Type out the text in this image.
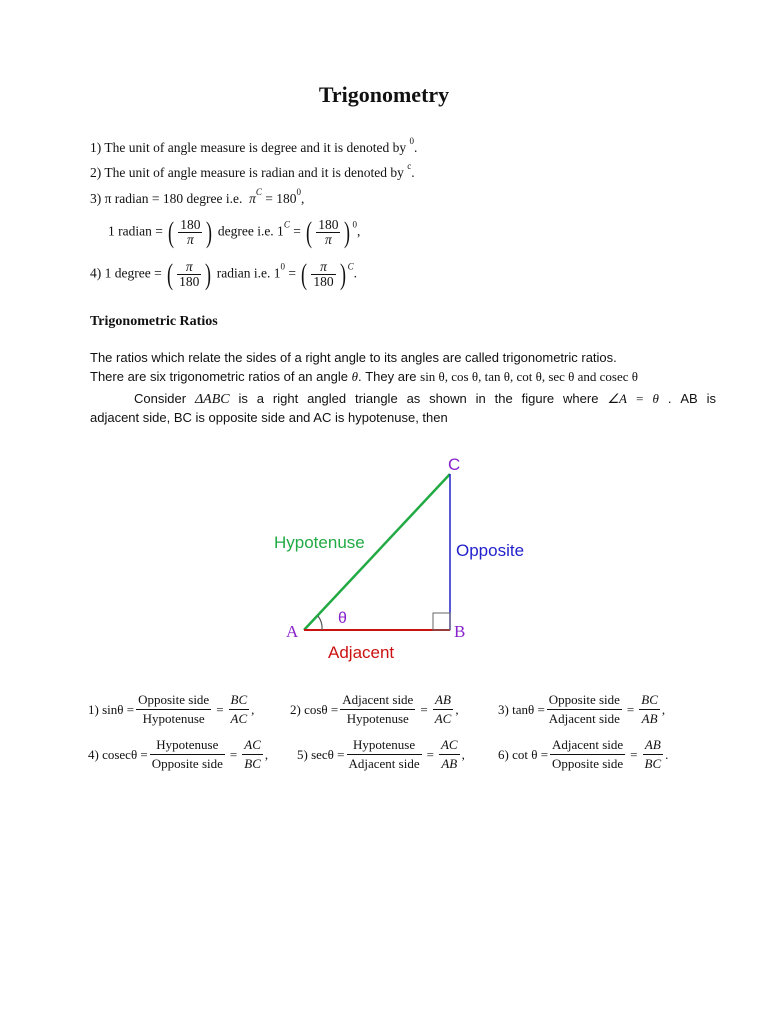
Trigonometry
1) The unit of angle measure is degree and it is denoted by $^0$.
2) The unit of angle measure is radian and it is denoted by $^c$.
3) π radian = 180 degree i.e. $\pi^C = 180^0$,
1 radian = ( $\frac{180}{\pi}$ ) degree i.e. $1^C$ = ( $\frac{180}{\pi}$ ) $^0$,
4) 1 degree = ( $\frac{\pi}{180}$ ) radian i.e. $1^0$ = ( $\frac{\pi}{180}$ ) $^C$.
Trigonometric Ratios
The ratios which relate the sides of a right angle to its angles are called trigonometric ratios.
There are six trigonometric ratios of an angle θ. They are sin θ, cos θ, tan θ, cot θ, sec θ and cosec θ
Consider ΔABC is a right angled triangle as shown in the figure where ∠A = θ . AB is
adjacent side, BC is opposite side and AC is hypotenuse, then
C
A	B
θ
Hypotenuse	Opposite
Adjacent
1) $\sin\theta = \frac{\text{Opposite side}}{\text{Hypotenuse}} = \frac{BC}{AC}$ ,	2) $\cos\theta = \frac{\text{Adjacent side}}{\text{Hypotenuse}} = \frac{AB}{AC}$ ,	3) $\tan\theta = \frac{\text{Opposite side}}{\text{Adjacent side}} = \frac{BC}{AB}$ ,
4) $cosec\theta = \frac{\text{Hypotenuse}}{\text{Opposite side}} = \frac{AC}{BC}$ , 5) $\sec\theta = \frac{\text{Hypotenuse}}{\text{Adjacent side}} = \frac{AC}{AB}$ ,	6) $\cot \theta = \frac{\text{Adjacent side}}{\text{Opposite side}} = \frac{AB}{BC}$ .
